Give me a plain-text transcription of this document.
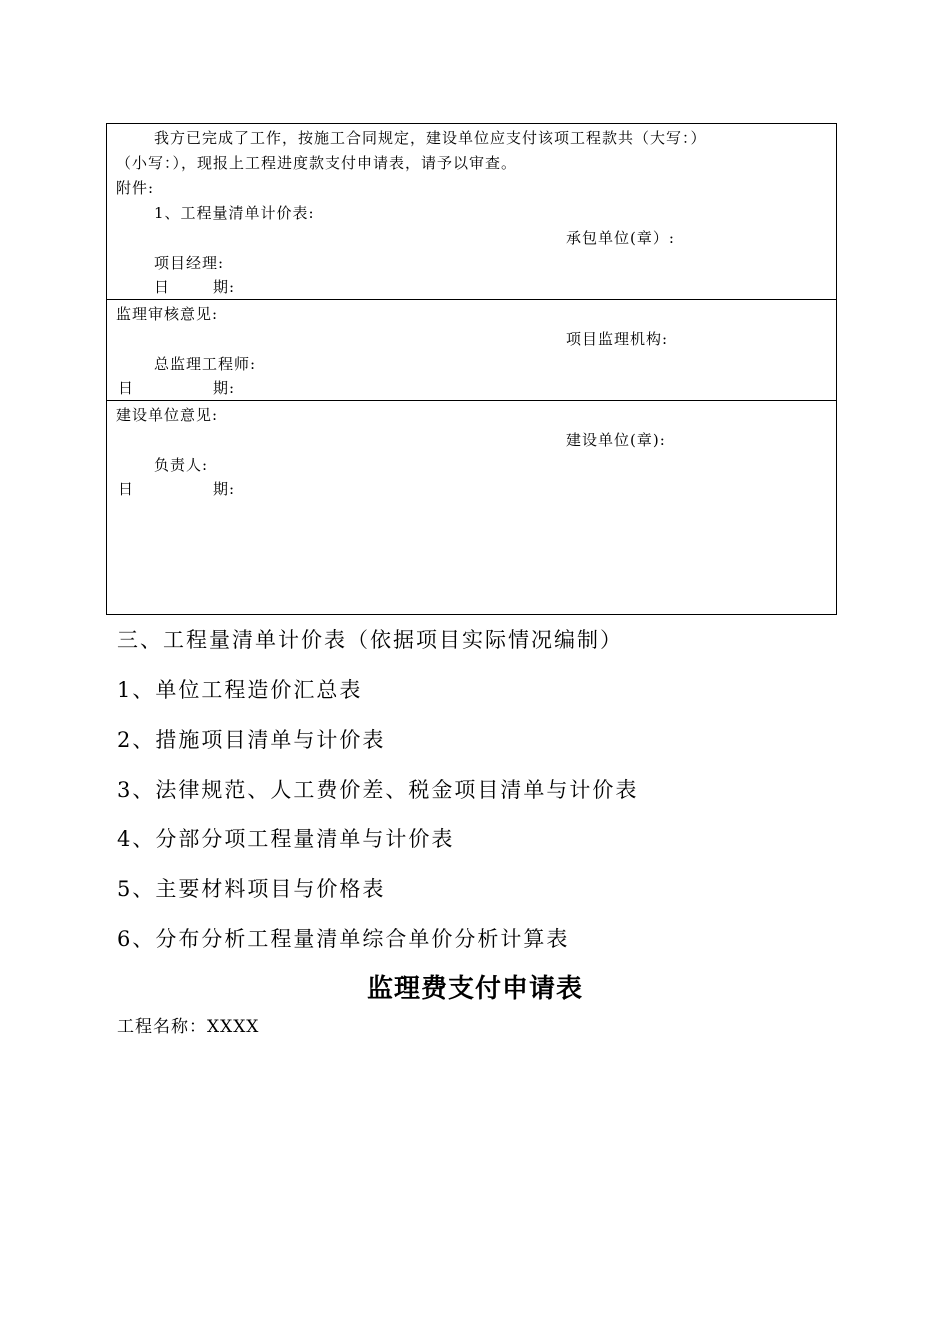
我方已完成了工作，按施工合同规定，建设单位应支付该项工程款共（大写：）
（小写：），现报上工程进度款支付申请表，请予以审查。
附件:
1、工程量清单计价表:
承包单位(章）:
项目经理:
日	期:
监理审核意见:
项目监理机构:
总监理工程师:
日	期:
建设单位意见:
建设单位(章):
负责人:
日	期:
三、工程量清单计价表（依据项目实际情况编制）
1、单位工程造价汇总表
2、措施项目清单与计价表
3、法律规范、人工费价差、税金项目清单与计价表
4、分部分项工程量清单与计价表
5、主要材料项目与价格表
6、分布分析工程量清单综合单价分析计算表
监理费支付申请表
工程名称：XXXX
